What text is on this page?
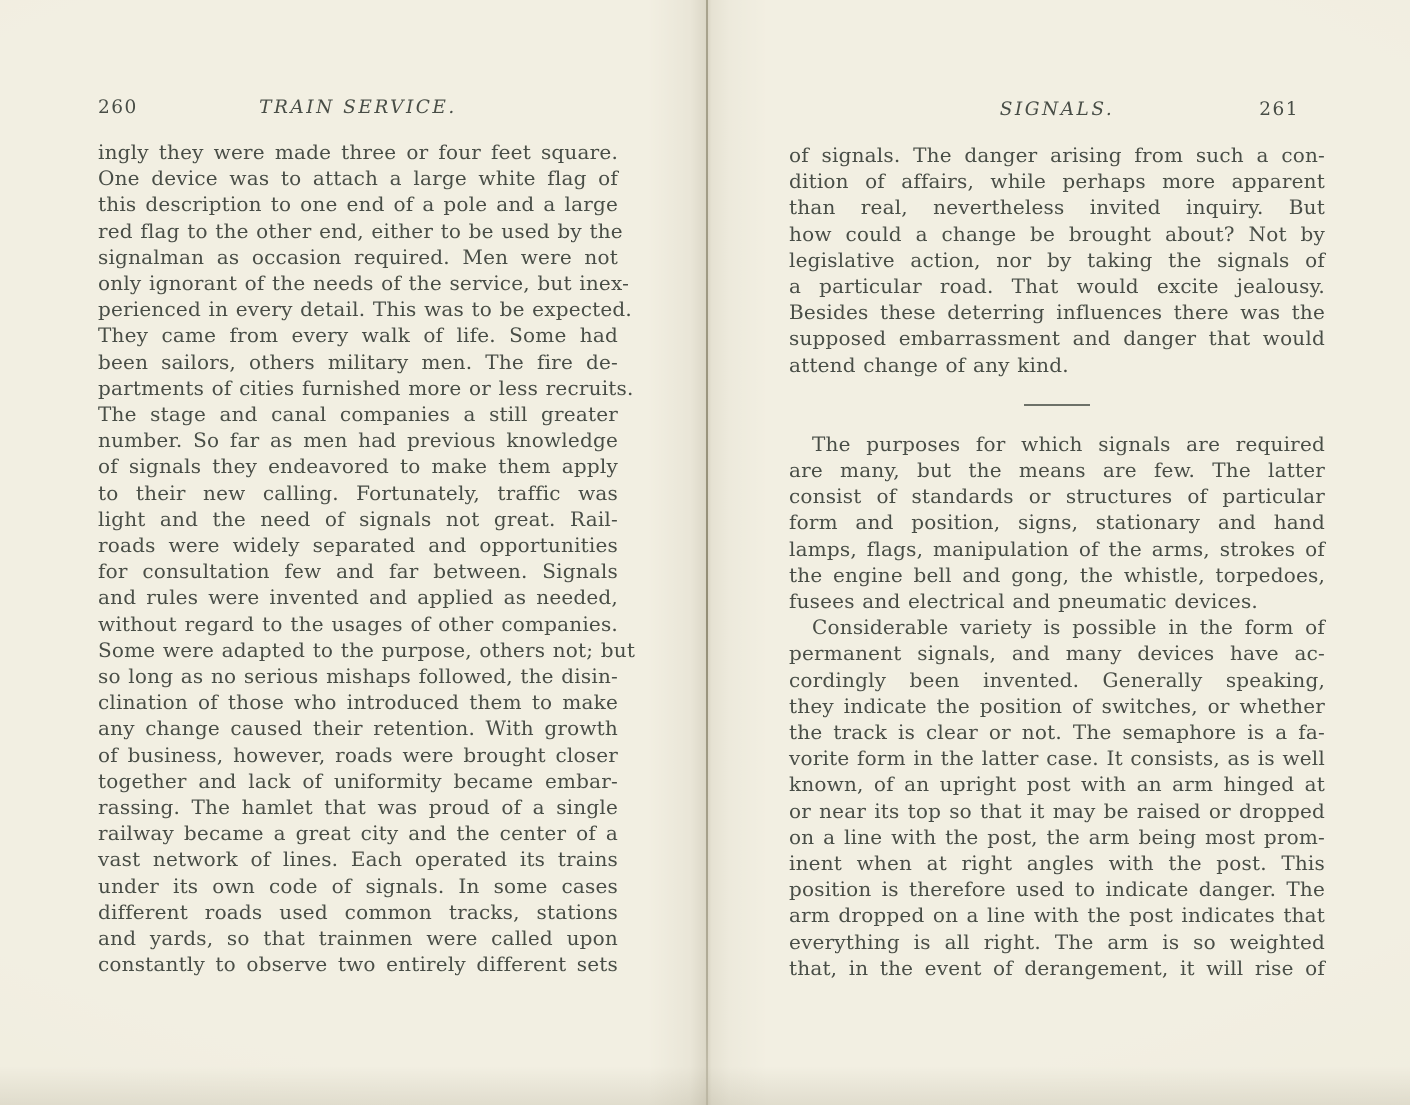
260	TRAIN SERVICE.
ingly they were made three or four feet square.
One device was to attach a large white flag of
this description to one end of a pole and a large
red flag to the other end, either to be used by the
signalman as occasion required. Men were not
only ignorant of the needs of the service, but inex-
perienced in every detail. This was to be expected.
They came from every walk of life. Some had
been sailors, others military men. The fire de-
partments of cities furnished more or less recruits.
The stage and canal companies a still greater
number. So far as men had previous knowledge
of signals they endeavored to make them apply
to their new calling. Fortunately, traffic was
light and the need of signals not great. Rail-
roads were widely separated and opportunities
for consultation few and far between. Signals
and rules were invented and applied as needed,
without regard to the usages of other companies.
Some were adapted to the purpose, others not; but
so long as no serious mishaps followed, the disin-
clination of those who introduced them to make
any change caused their retention. With growth
of business, however, roads were brought closer
together and lack of uniformity became embar-
rassing. The hamlet that was proud of a single
railway became a great city and the center of a
vast network of lines. Each operated its trains
under its own code of signals. In some cases
different roads used common tracks, stations
and yards, so that trainmen were called upon
constantly to observe two entirely different sets
SIGNALS.	261
of signals. The danger arising from such a con-
dition of affairs, while perhaps more apparent
than real, nevertheless invited inquiry. But
how could a change be brought about? Not by
legislative action, nor by taking the signals of
a particular road. That would excite jealousy.
Besides these deterring influences there was the
supposed embarrassment and danger that would
attend change of any kind.
The purposes for which signals are required
are many, but the means are few. The latter
consist of standards or structures of particular
form and position, signs, stationary and hand
lamps, flags, manipulation of the arms, strokes of
the engine bell and gong, the whistle, torpedoes,
fusees and electrical and pneumatic devices.
Considerable variety is possible in the form of
permanent signals, and many devices have ac-
cordingly been invented. Generally speaking,
they indicate the position of switches, or whether
the track is clear or not. The semaphore is a fa-
vorite form in the latter case. It consists, as is well
known, of an upright post with an arm hinged at
or near its top so that it may be raised or dropped
on a line with the post, the arm being most prom-
inent when at right angles with the post. This
position is therefore used to indicate danger. The
arm dropped on a line with the post indicates that
everything is all right. The arm is so weighted
that, in the event of derangement, it will rise of
